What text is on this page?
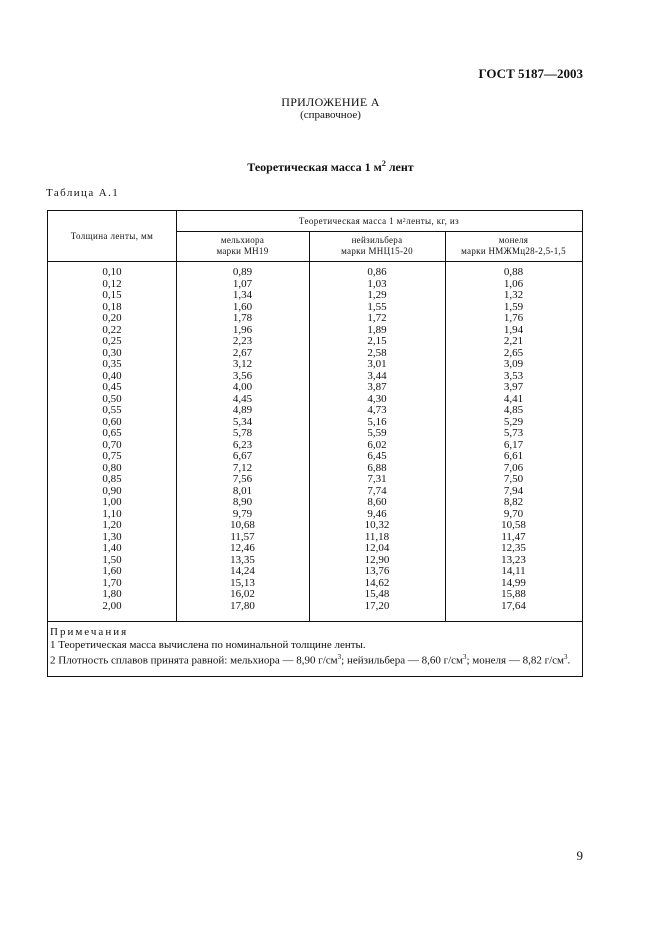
ГОСТ 5187—2003
ПРИЛОЖЕНИЕ А
(справочное)
Теоретическая масса 1 $м^2$ лент
Таблица А.1
Толщина ленты, мм
Теоретическая масса 1 м 2 ленты, кг, из
мельхиора
марки МН19
нейзильбера
марки МНЦ15-20
монеля
марки НМЖМц28-2,5-1,5
0,10	0,89	0,86	0,88
0,12	1,07	1,03	1,06
0,15	1,34	1,29	1,32
0,18	1,60	1,55	1,59
0,20	1,78	1,72	1,76
0,22	1,96	1,89	1,94
0,25	2,23	2,15	2,21
0,30	2,67	2,58	2,65
0,35	3,12	3,01	3,09
0,40	3,56	3,44	3,53
0,45	4,00	3,87	3,97
0,50	4,45	4,30	4,41
0,55	4,89	4,73	4,85
0,60	5,34	5,16	5,29
0,65	5,78	5,59	5,73
0,70	6,23	6,02	6,17
0,75	6,67	6,45	6,61
0,80	7,12	6,88	7,06
0,85	7,56	7,31	7,50
0,90	8,01	7,74	7,94
1,00	8,90	8,60	8,82
1,10	9,79	9,46	9,70
1,20	10,68	10,32	10,58
1,30	11,57	11,18	11,47
1,40	12,46	12,04	12,35
1,50	13,35	12,90	13,23
1,60	14,24	13,76	14,11
1,70	15,13	14,62	14,99
1,80	16,02	15,48	15,88
2,00	17,80	17,20	17,64
Примечания
1 Теоретическая масса вычислена по номинальной толщине ленты.
2 Плотность сплавов принята равной: мельхиора — 8,90 $г/см^3$; нейзильбера — 8,60 $г/см^3$; монеля — 8,82 $г/см^3$.
9
